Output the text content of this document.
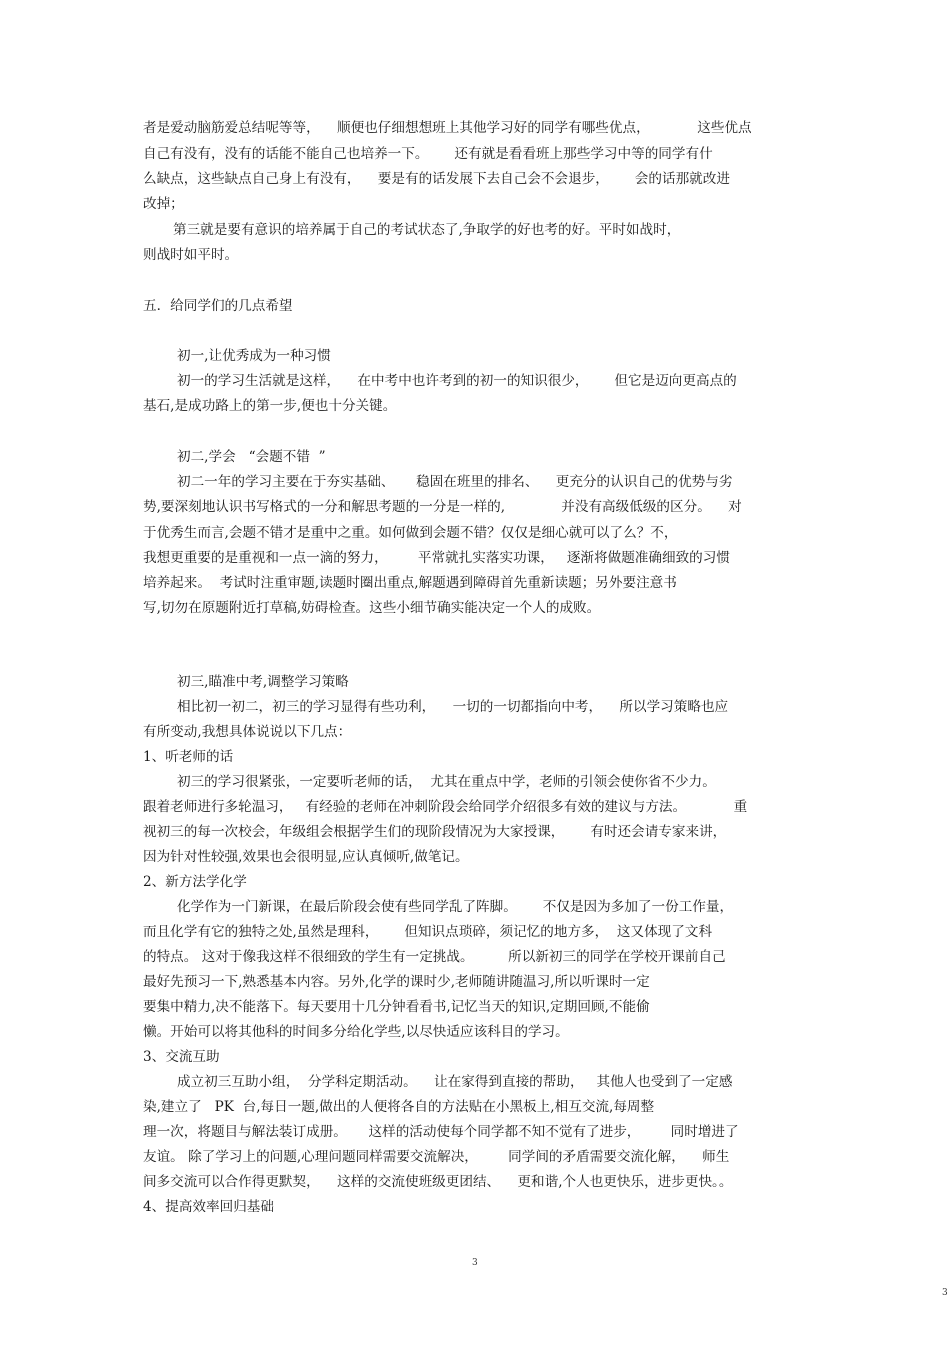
者是爱动脑筋爱总结呢等等，    顺便也仔细想想班上其他学习好的同学有哪些优点，           这些优点

自己有没有，没有的话能不能自己也培养一下。      还有就是看看班上那些学习中等的同学有什

么缺点，这些缺点自己身上有没有，    要是有的话发展下去自己会不会退步，      会的话那就改进

改掉；

第三就是要有意识的培养属于自己的考试状态了,争取学的好也考的好。平时如战时，

则战时如平时。

五．给同学们的几点希望

初一,让优秀成为一种习惯

初一的学习生活就是这样，    在中考中也许考到的初一的知识很少，      但它是迈向更高点的

基石,是成功路上的第一步,便也十分关键。

初二,学会   “会题不错  ”

初二一年的学习主要在于夯实基础、     稳固在班里的排名、    更充分的认识自己的优势与劣

势,要深刻地认识书写格式的一分和解思考题的一分是一样的,             并没有高级低级的区分。    对

于优秀生而言,会题不错才是重中之重。如何做到会题不错？仅仅是细心就可以了么？不，

我想更重要的是重视和一点一滴的努力，       平常就扎实落实功课，   逐渐将做题准确细致的习惯

培养起来。  考试时注重审题,读题时圈出重点,解题遇到障碍首先重新读题；另外要注意书

写,切勿在原题附近打草稿,妨碍检查。这些小细节确实能决定一个人的成败。

初三,瞄准中考,调整学习策略

相比初一初二，初三的学习显得有些功利，    一切的一切都指向中考，    所以学习策略也应

有所变动,我想具体说说以下几点：

1、听老师的话

初三的学习很紧张，一定要听老师的话，  尤其在重点中学，老师的引领会使你省不少力。

跟着老师进行多轮温习，   有经验的老师在冲刺阶段会给同学介绍很多有效的建议与方法。           重

视初三的每一次校会，年级组会根据学生们的现阶段情况为大家授课，      有时还会请专家来讲，

因为针对性较强,效果也会很明显,应认真倾听,做笔记。

2、新方法学化学

化学作为一门新课，在最后阶段会使有些同学乱了阵脚。      不仅是因为多加了一份工作量，

而且化学有它的独特之处,虽然是理科，      但知识点琐碎，须记忆的地方多，  这又体现了文科

的特点。 这对于像我这样不很细致的学生有一定挑战。        所以新初三的同学在学校开课前自己

最好先预习一下,熟悉基本内容。另外,化学的课时少,老师随讲随温习,所以听课时一定

要集中精力,决不能落下。每天要用十几分钟看看书,记忆当天的知识,定期回顾,不能偷

懒。开始可以将其他科的时间多分给化学些,以尽快适应该科目的学习。

3、交流互助

成立初三互助小组，  分学科定期活动。    让在家得到直接的帮助，   其他人也受到了一定感

染,建立了   PK  台,每日一题,做出的人便将各自的方法贴在小黑板上,相互交流,每周整

理一次，将题目与解法装订成册。     这样的活动使每个同学都不知不觉有了进步，       同时增进了

友谊。 除了学习上的问题,心理问题同样需要交流解决，       同学间的矛盾需要交流化解，    师生

间多交流可以合作得更默契，    这样的交流使班级更团结、    更和谐,个人也更快乐，进步更快。。

4、提高效率回归基础

3
3
